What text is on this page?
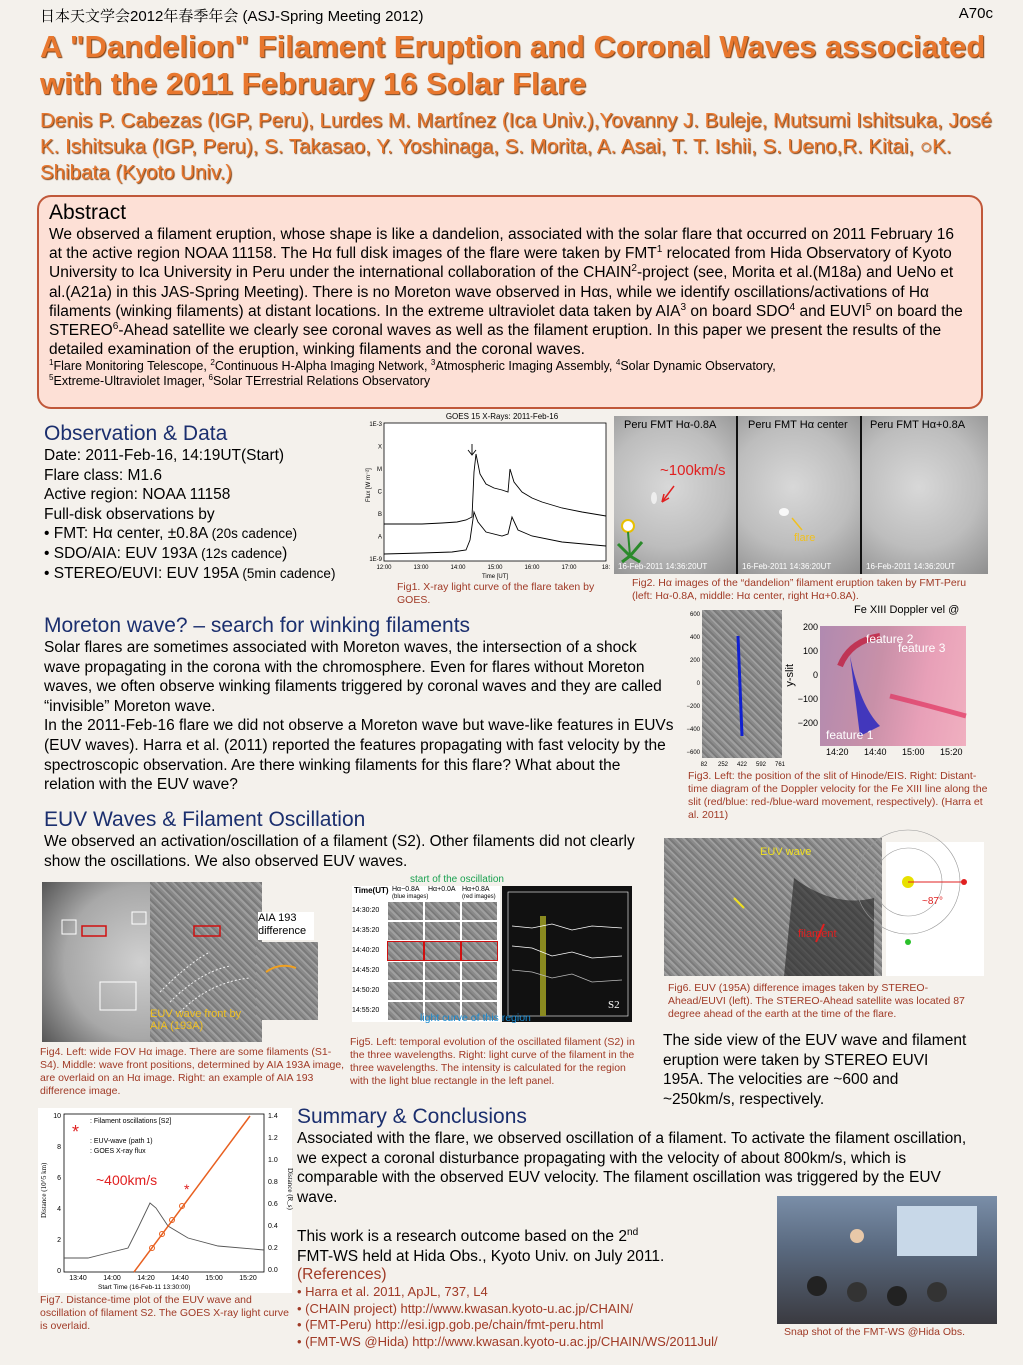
日本天文学会2012年春季年会 (ASJ-Spring Meeting 2012)	A70c
A "Dandelion" Filament Eruption and Coronal Waves associated with the 2011 February 16 Solar Flare
Denis P. Cabezas (IGP, Peru), Lurdes M. Martínez (Ica Univ.),Yovanny J. Buleje, Mutsumi Ishitsuka, José K. Ishitsuka (IGP, Peru), S. Takasao, Y. Yoshinaga, S. Morita, A. Asai, T. T. Ishii, S. Ueno,R. Kitai, ○K. Shibata (Kyoto Univ.)
Abstract

We observed a filament eruption, whose shape is like a dandelion, associated with the solar flare that occurred on 2011 February 16 at the active region NOAA 11158. The Hα full disk images of the flare were taken by FMT$^1$ relocated from Hida Observatory of Kyoto University to Ica University in Peru under the international collaboration of the CHAIN$^2$-project (see, Morita et al.(M18a) and UeNo et al.(A21a) in this JAS-Spring Meeting). There is no Moreton wave observed in Hαs, while we identify oscillations/activations of Hα filaments (winking filaments) at distant locations. In the extreme ultraviolet data taken by AIA$^3$ on board SDO$^4$ and EUVI$^5$ on board the STEREO$^6$-Ahead satellite we clearly see coronal waves as well as the filament eruption. In this paper we present the results of the detailed examination of the eruption, winking filaments and the coronal waves.

$^1$Flare Monitoring Telescope, $^2$Continuous H-Alpha Imaging Network, $^3$Atmospheric Imaging Assembly, $^4$Solar Dynamic Observatory,
$^5$Extreme-Ultraviolet Imager, $^6$Solar TErrestrial Relations Observatory

Observation & Data

Date: 2011-Feb-16, 14:19UT(Start)

Flare class: M1.6

Active region: NOAA 11158

Full-disk observations by

• FMT: Hα center, ±0.8A (20s cadence)

• SDO/AIA: EUV 193A (12s cadence)

• STEREO/EUVI: EUV 195A (5min cadence)

GOES 15 X-Rays: 2011-Feb-16
1E-3
X
M
C
B
A
1E-9
12:00	13:00	14:00	15:00	16:00	17:00	18:
Flux [W m⁻²]
Time [UT]
Fig1. X-ray light curve of the flare taken by GOES.
Peru FMT Hα-0.8A	Peru FMT Hα center Peru FMT Hα+0.8A
~100km/s
flare
16-Feb-2011 14:36:20UT	16-Feb-2011 14:36:20UT	16-Feb-2011 14:36:20UT
Fig2. Hα images of the “dandelion” filament eruption taken by FMT-Peru (left: Hα-0.8A, middle: Hα center, right Hα+0.8A).
Moreton wave? – search for winking filaments

Solar flares are sometimes associated with Moreton waves, the intersection of a shock wave propagating in the corona with the chromosphere. Even for flares without Moreton waves, we often observe winking filaments triggered by coronal waves and they are called “invisible” Moreton wave.
In the 2011-Feb-16 flare we did not observe a Moreton wave but wave-like features in EUVs (EUV waves). Harra et al. (2011) reported the features propagating with fast velocity by the spectroscopic observation. Are there winking filaments for this flare? What about the relation with the EUV wave?

600
400
200
0
−200
−400
−600
82 252 422 592 761
Fe XIII Doppler vel @
feature 2
feature 3
feature 1
y-slit
200
100
0
−100
−200
14:20 14:40 15:00 15:20
Fig3. Left: the position of the slit of Hinode/EIS. Right: Distant-time diagram of the Doppler velocity for the Fe XIII line along the slit (red/blue: red-/blue-ward movement, respectively). (Harra et al. 2011)
EUV Waves & Filament Oscillation

We observed an activation/oscillation of a filament (S2). Other filaments did not clearly show the oscillations. We also observed EUV waves.

AIA 193 difference
EUV wave front by AIA (193A)
Fig4. Left: wide FOV Hα image. There are some filaments (S1-S4). Middle: wave front positions, determined by AIA 193A image, are overlaid on an Hα image. Right: an example of AIA 193 difference image.
start of the oscillation
Time(UT) Hα−0.8A Hα+0.0A Hα+0.8A
(blue images)	(red images)
14:30:20
14:35:20
14:40:20
14:45:20
14:50:20
14:55:20	S2
light curve of this region
Fig5. Left: temporal evolution of the oscillated filament (S2) in the three wavelengths. Right: light curve of the filament in the three wavelengths. The intensity is calculated for the region with the light blue rectangle in the left panel.
EUV wave
filament
~87°
Fig6. EUV (195A) difference images taken by STEREO-Ahead/EUVI (left). The STEREO-Ahead satellite was located 87 degree ahead of the earth at the time of the flare.
The side view of the EUV wave and filament eruption were taken by STEREO EUVI 195A. The velocities are ~600 and ~250km/s, respectively.
*
*
13:40 14:00 14:20 14:40 15:00 15:20
10
8
6
4
2
0
1.4
1.2
1.0
0.8
0.6
0.4
0.2
0.0
Distance (10^5 km)	Distance (R_s)
: Filament oscillations [S2]
: EUV-wave (path 1)
: GOES X-ray flux
~400km/s
Start Time (16-Feb-11 13:30:00)
Fig7. Distance-time plot of the EUV wave and oscillation of filament S2. The GOES X-ray light curve is overlaid.
Summary & Conclusions

Associated with the flare, we observed oscillation of a filament. To activate the filament oscillation, we expect a coronal disturbance propagating with the velocity of about 800km/s, which is comparable with the observed EUV velocity. The filament oscillation was triggered by the EUV wave.

This work is a research outcome based on the 2nd
FMT-WS held at Hida Obs., Kyoto Univ. on July 2011.
(References)
• Harra et al. 2011, ApJL, 737, L4
• (CHAIN project) http://www.kwasan.kyoto-u.ac.jp/CHAIN/
• (FMT-Peru) http://esi.igp.gob.pe/chain/fmt-peru.html
• (FMT-WS @Hida) http://www.kwasan.kyoto-u.ac.jp/CHAIN/WS/2011Jul/
Snap shot of the FMT-WS @Hida Obs.
